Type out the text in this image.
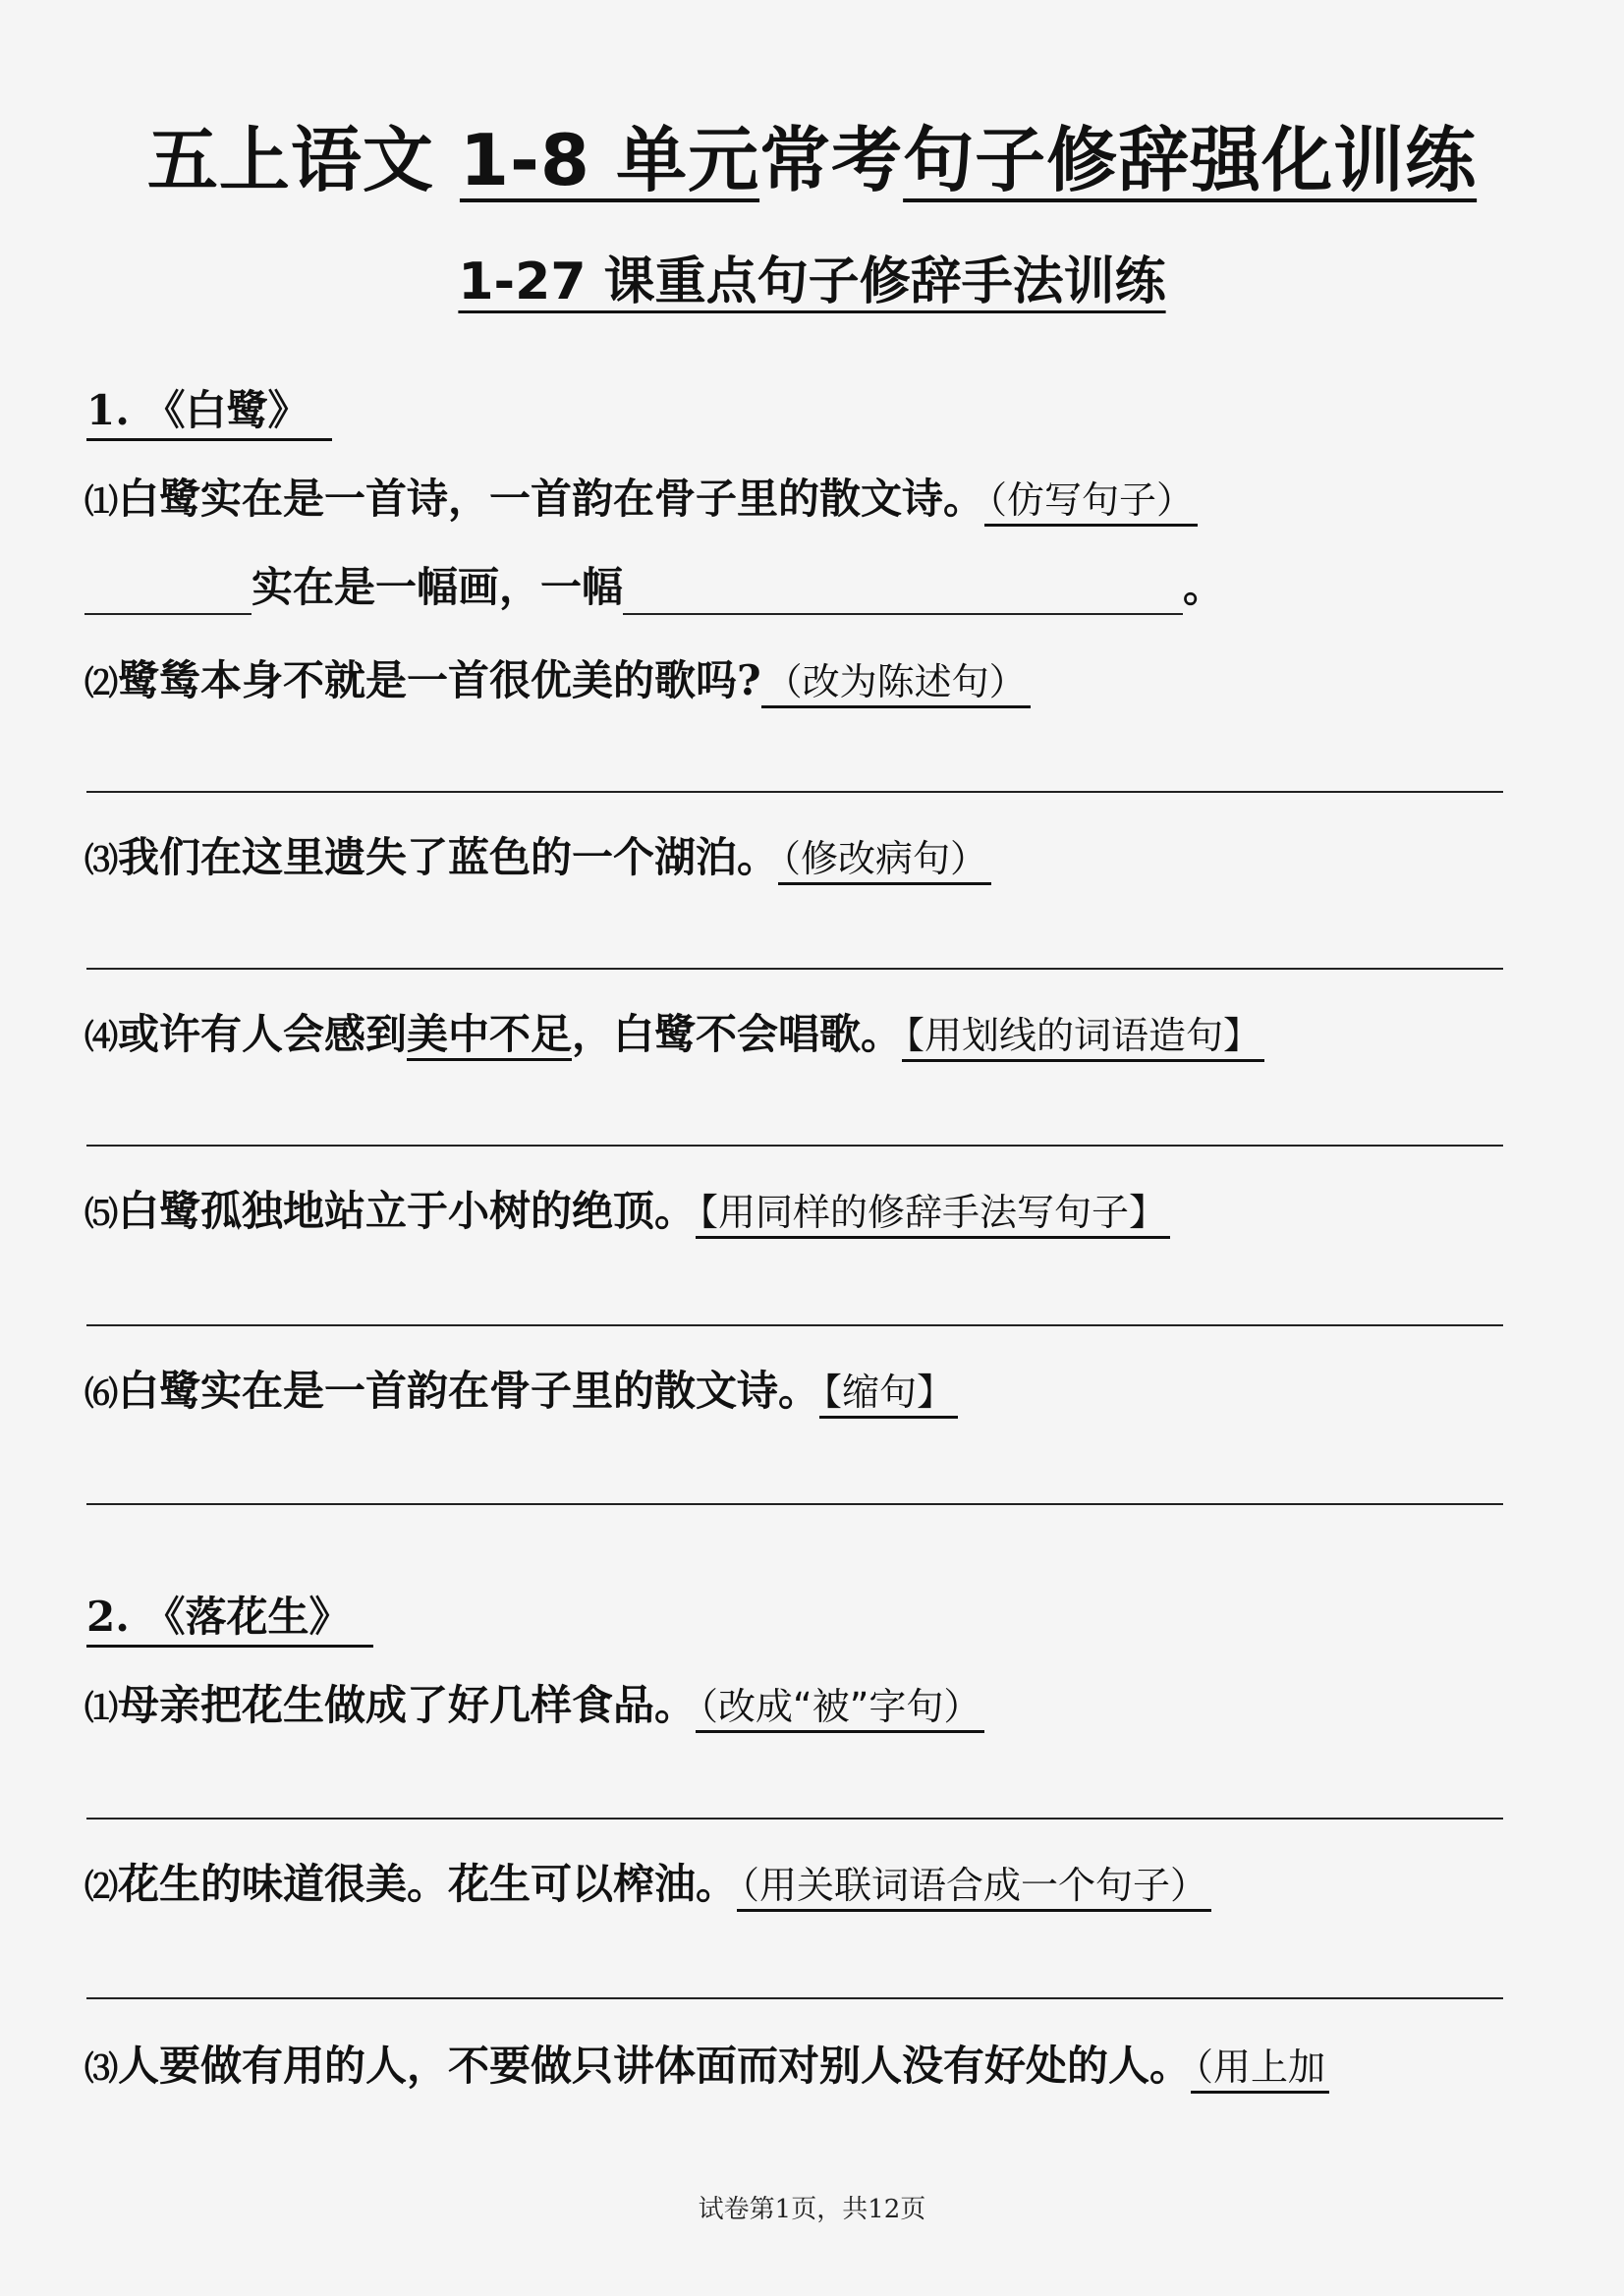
五上语文 1-8 单元常考句子修辞强化训练
1-27 课重点句子修辞手法训练
1. 《白鹭》
⑴白鹭实在是一首诗，一首韵在骨子里的散文诗。 （仿写句子）
实在是一幅画，一幅	。
⑵鹭鸶本身不就是一首很优美的歌吗? （改为陈述句）
⑶我们在这里遗失了蓝色的一个湖泊。 （修改病句）
⑷或许有人会感到美中不足，白鹭不会唱歌。 【用划线的词语造句】
⑸白鹭孤独地站立于小树的绝顶。 【用同样的修辞手法写句子】
⑹白鹭实在是一首韵在骨子里的散文诗。 【缩句】
2. 《落花生》
⑴母亲把花生做成了好几样食品。 （改成“被”字句）
⑵花生的味道很美。花生可以榨油。 （用关联词语合成一个句子）
⑶人要做有用的人，不要做只讲体面而对别人没有好处的人。 （用上加
试卷第1页，共12页
